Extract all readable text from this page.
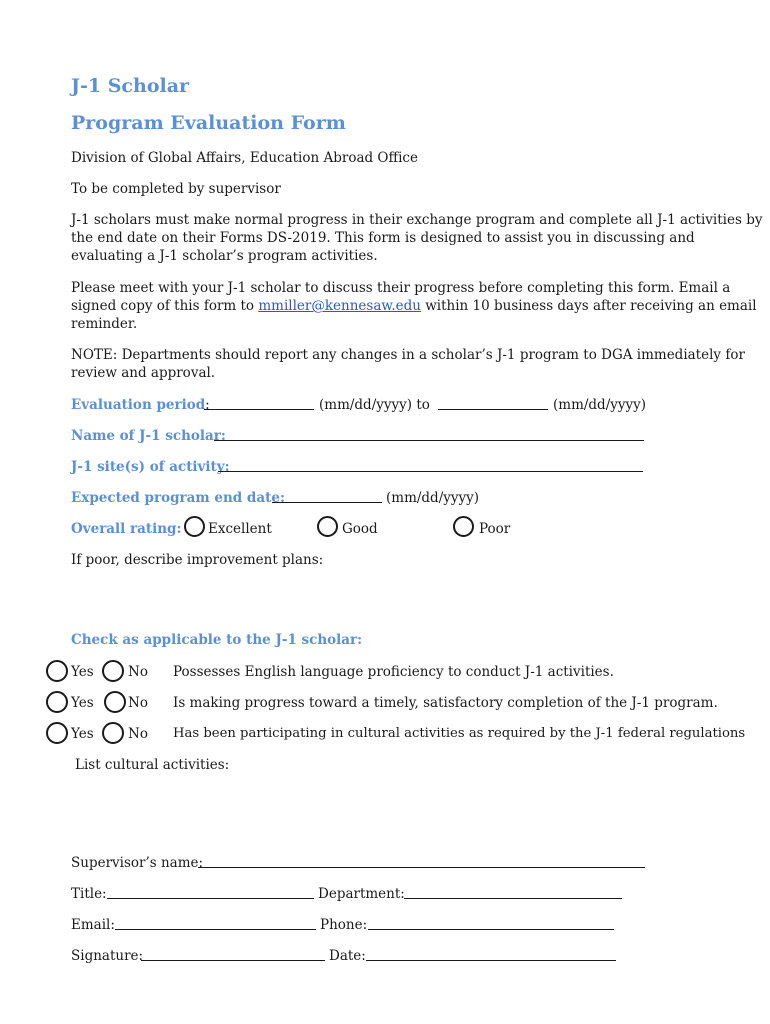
J-1 Scholar
Program Evaluation Form
Division of Global Affairs, Education Abroad Office
To be completed by supervisor
J-1 scholars must make normal progress in their exchange program and complete all J-1 activities by
the end date on their Forms DS-2019. This form is designed to assist you in discussing and
evaluating a J-1 scholar’s program activities.
Please meet with your J-1 scholar to discuss their progress before completing this form. Email a
signed copy of this form to mmiller@kennesaw.edu within 10 business days after receiving an email
reminder.
NOTE: Departments should report any changes in a scholar’s J-1 program to DGA immediately for
review and approval.
Evaluation period:	(mm/dd/yyyy) to	(mm/dd/yyyy)
Name of J-1 scholar:
J-1 site(s) of activity:
Expected program end date:	(mm/dd/yyyy)
Overall rating: Excellent	Good	Poor
If poor, describe improvement plans:
Check as applicable to the J-1 scholar:
Yes	No Possesses English language proficiency to conduct J-1 activities.
Yes	No Is making progress toward a timely, satisfactory completion of the J-1 program.
Yes	No Has been participating in cultural activities as required by the J-1 federal regulations
List cultural activities:
Supervisor’s name:
Title:	Department:
Email:	Phone:
Signature:	Date:
